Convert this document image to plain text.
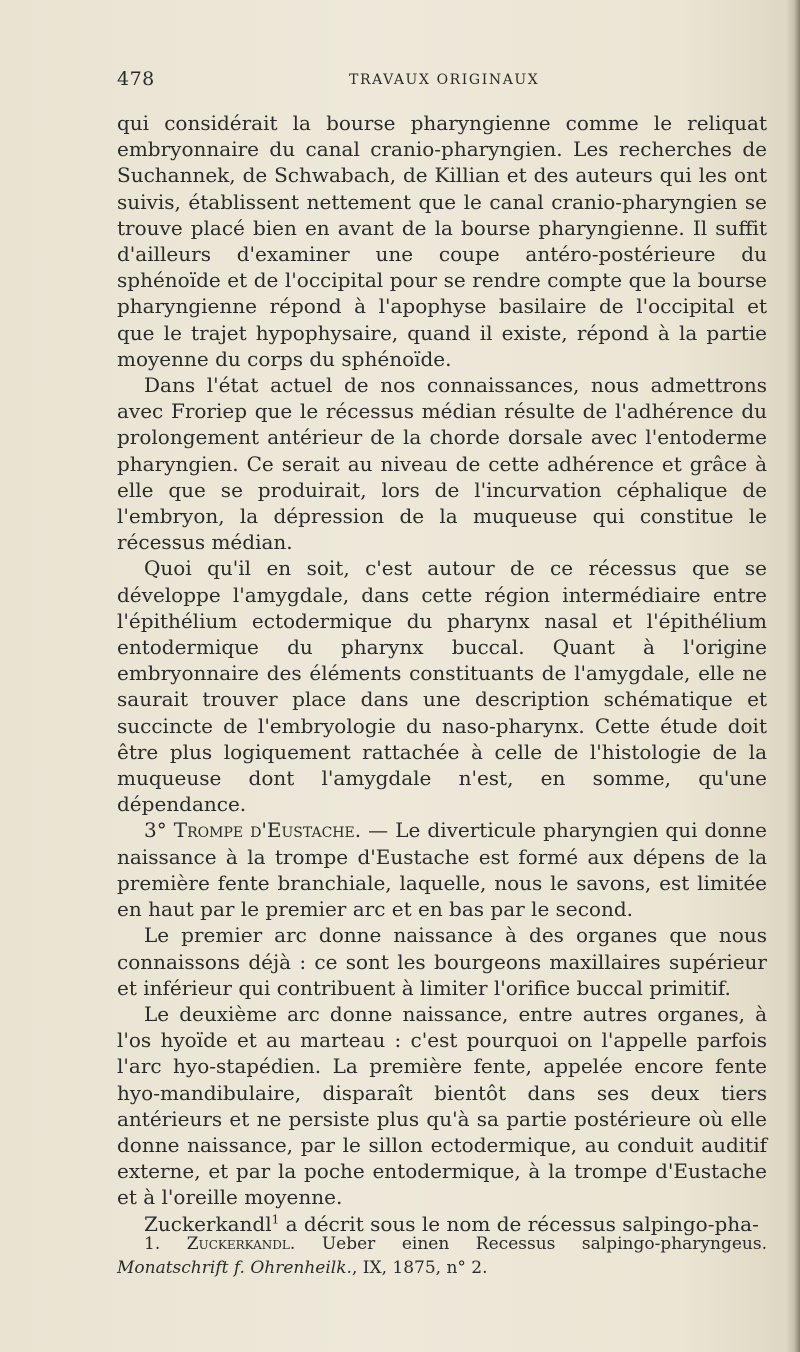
478	TRAVAUX ORIGINAUX

qui considérait la bourse pharyngienne comme le reliquat embryonnaire du canal cranio-pharyngien. Les recherches de Suchannek, de Schwabach, de Killian et des auteurs qui les ont suivis, établissent nettement que le canal cranio-pharyngien se trouve placé bien en avant de la bourse pharyngienne. Il suffit d'ailleurs d'examiner une coupe antéro-postérieure du sphénoïde et de l'occipital pour se rendre compte que la bourse pharyngienne répond à l'apophyse basilaire de l'occipital et que le trajet hypophysaire, quand il existe, répond à la partie moyenne du corps du sphénoïde.

Dans l'état actuel de nos connaissances, nous admettrons avec Froriep que le récessus médian résulte de l'adhérence du prolongement antérieur de la chorde dorsale avec l'entoderme pharyngien. Ce serait au niveau de cette adhérence et grâce à elle que se produirait, lors de l'incurvation céphalique de l'embryon, la dépression de la muqueuse qui constitue le récessus médian.

Quoi qu'il en soit, c'est autour de ce récessus que se développe l'amygdale, dans cette région intermédiaire entre l'épithélium ectodermique du pharynx nasal et l'épithélium entodermique du pharynx buccal. Quant à l'origine embryonnaire des éléments constituants de l'amygdale, elle ne saurait trouver place dans une description schématique et succincte de l'embryologie du naso-pharynx. Cette étude doit être plus logiquement rattachée à celle de l'histologie de la muqueuse dont l'amygdale n'est, en somme, qu'une dépendance.

3° Trompe d'Eustache. — Le diverticule pharyngien qui donne naissance à la trompe d'Eustache est formé aux dépens de la première fente branchiale, laquelle, nous le savons, est limitée en haut par le premier arc et en bas par le second.

Le premier arc donne naissance à des organes que nous connaissons déjà : ce sont les bourgeons maxillaires supérieur et inférieur qui contribuent à limiter l'orifice buccal primitif.

Le deuxième arc donne naissance, entre autres organes, à l'os hyoïde et au marteau : c'est pourquoi on l'appelle parfois l'arc hyo-stapédien. La première fente, appelée encore fente hyo-mandibulaire, disparaît bientôt dans ses deux tiers antérieurs et ne persiste plus qu'à sa partie postérieure où elle donne naissance, par le sillon ectodermique, au conduit auditif externe, et par la poche entodermique, à la trompe d'Eustache et à l'oreille moyenne.

Zuckerkandl$^1$ a décrit sous le nom de récessus salpingo-pha-

1. Zuckerkandl. Ueber einen Recessus salpingo-pharyngeus. Monatschrift f. Ohrenheilk., IX, 1875, n° 2.
